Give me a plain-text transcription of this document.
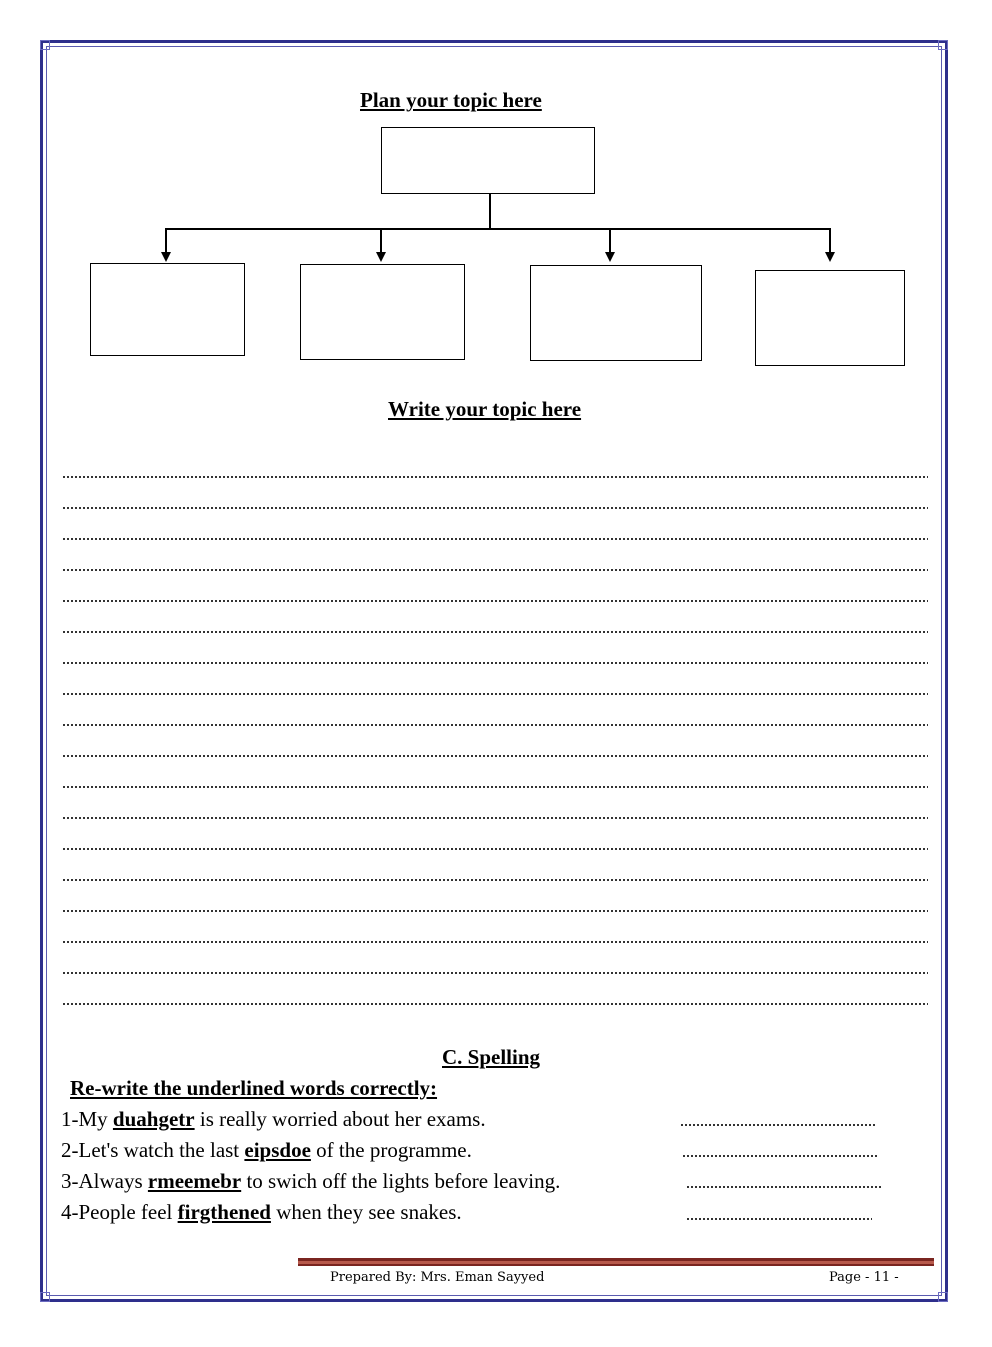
Plan your topic here
Write your topic here
C. Spelling
Re-write the underlined words correctly:
1-My duahgetr is really worried about her exams.
2-Let's watch the last eipsdoe of the programme.
3-Always rmeemebr to swich off the lights before leaving.
4-People feel firgthened when they see snakes.
Prepared By: Mrs. Eman Sayyed	Page - 11 -
